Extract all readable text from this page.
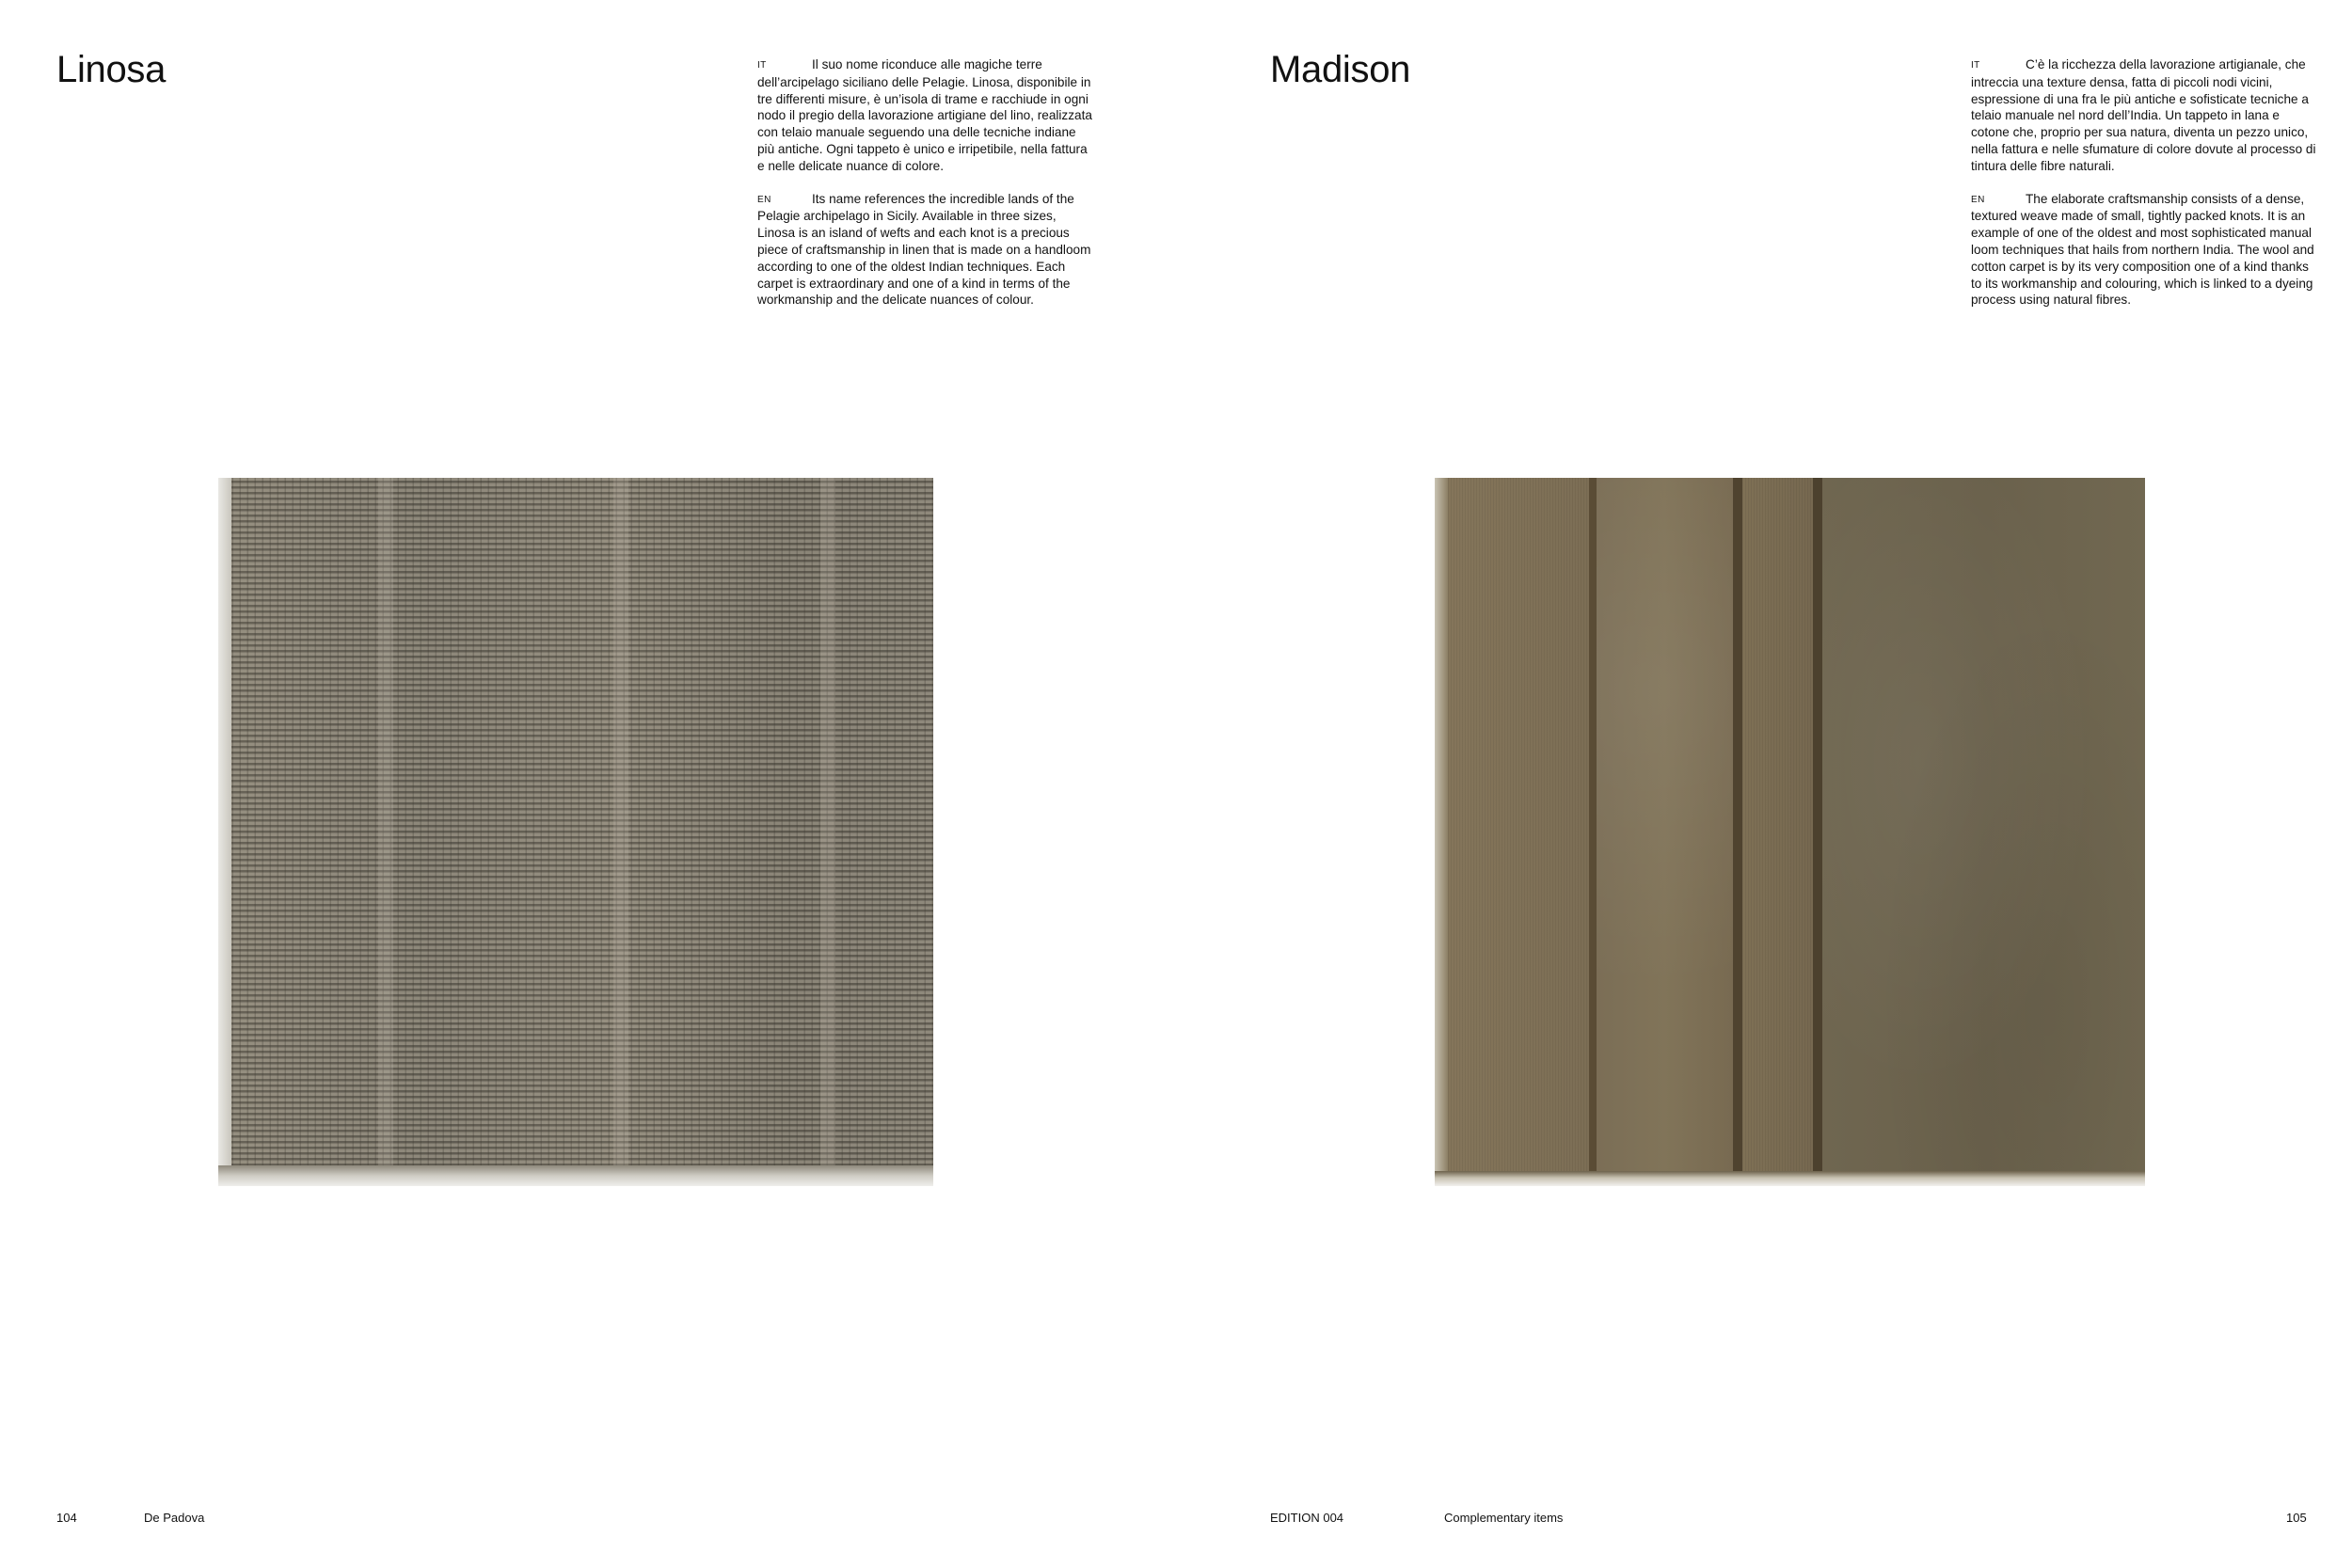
Linosa	IT	Il suo nome riconduce alle magiche terre dell’arcipelago siciliano delle Pelagie. Linosa, disponibile in tre differenti misure, è un’isola di trame e racchiude in ogni nodo il pregio della lavorazione artigiane del lino, realizzata con telaio manuale seguendo una delle tecniche indiane più antiche. Ogni tappeto è unico e irripetibile, nella fattura e nelle delicate nuance di colore.

EN	Its name references the incredible lands of the Pelagie archipelago in Sicily. Available in three sizes, Linosa is an island of wefts and each knot is a precious piece of craftsmanship in linen that is made on a handloom according to one of the oldest Indian techniques. Each carpet is extraordinary and one of a kind in terms of the workmanship and the delicate nuances of colour.

104	De Padova
Madison	IT	C’è la ricchezza della lavorazione artigianale, che intreccia una texture densa, fatta di piccoli nodi vicini, espressione di una fra le più antiche e sofisticate tecniche a telaio manuale nel nord dell’India. Un tappeto in lana e cotone che, proprio per sua natura, diventa un pezzo unico, nella fattura e nelle sfumature di colore dovute al processo di tintura delle fibre naturali.

EN	The elaborate craftsmanship consists of a dense, textured weave made of small, tightly packed knots. It is an example of one of the oldest and most sophisticated manual loom techniques that hails from northern India. The wool and cotton carpet is by its very composition one of a kind thanks to its workmanship and colouring, which is linked to a dyeing process using natural fibres.

EDITION 004	Complementary items	105
